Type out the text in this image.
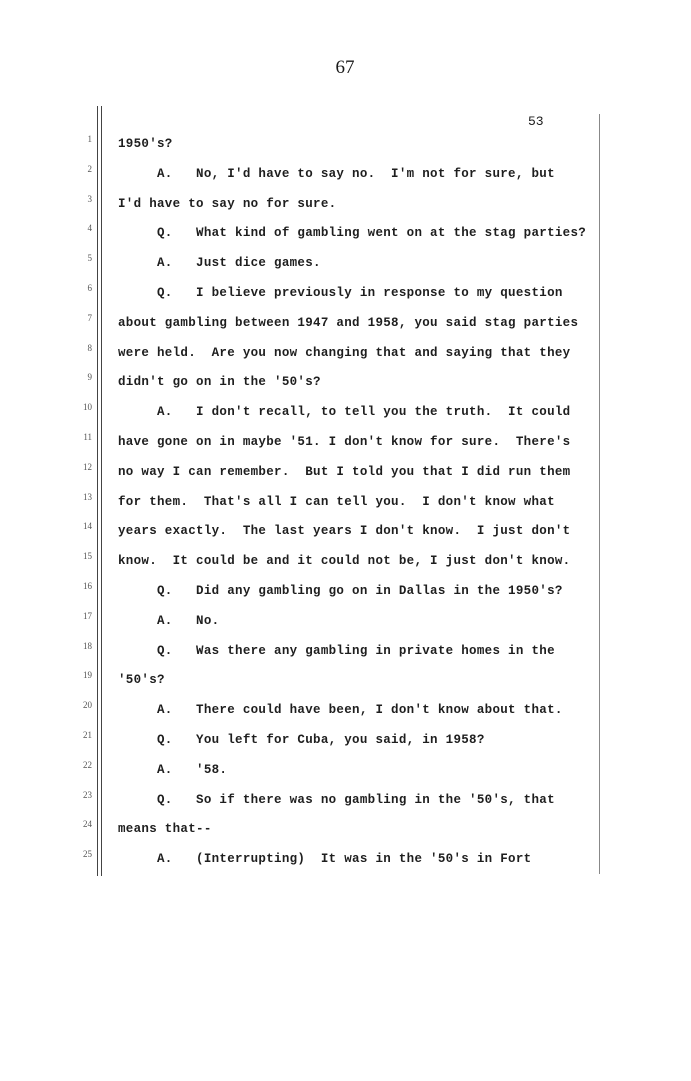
67
53
1
2
3
4
5
6
7
8
9
10
11
12
13
14
15
16
17
18
19
20
21
22
23
24
25
1950's?
A.   No, I'd have to say no.  I'm not for sure, but
I'd have to say no for sure.
Q.   What kind of gambling went on at the stag parties?
A.   Just dice games.
Q.   I believe previously in response to my question
about gambling between 1947 and 1958, you said stag parties
were held.  Are you now changing that and saying that they
didn't go on in the '50's?
A.   I don't recall, to tell you the truth.  It could
have gone on in maybe '51. I don't know for sure.  There's
no way I can remember.  But I told you that I did run them
for them.  That's all I can tell you.  I don't know what
years exactly.  The last years I don't know.  I just don't
know.  It could be and it could not be, I just don't know.
Q.   Did any gambling go on in Dallas in the 1950's?
A.   No.
Q.   Was there any gambling in private homes in the
'50's?
A.   There could have been, I don't know about that.
Q.   You left for Cuba, you said, in 1958?
A.   '58.
Q.   So if there was no gambling in the '50's, that
means that--
A.   (Interrupting)  It was in the '50's in Fort
